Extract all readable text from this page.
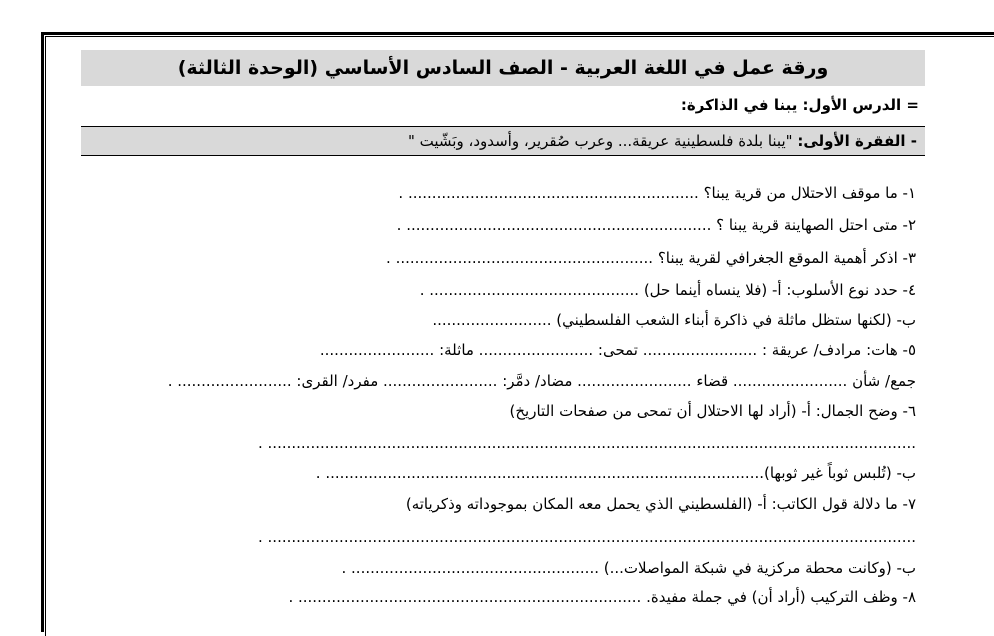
ورقة عمل في اللغة العربية - الصف السادس الأساسي (الوحدة الثالثة)
= الدرس الأول: يبنا في الذاكرة:
- الفقرة الأولى: "يبنا بلدة فلسطينية عريقة... وعرب صُقرير، وأسدود، وبَشّيت "
١- ما موقف الاحتلال من قرية يبنا؟ ............................................................. .
٢- متى احتل الصهاينة قرية يبنا ؟ ................................................................ .
٣- اذكر أهمية الموقع الجغرافي لقرية يبنا؟ ...................................................... .
٤- حدد نوع الأسلوب: أ- (فلا ينساه أينما حل) ............................................ .
ب- (لكنها ستظل ماثلة في ذاكرة أبناء الشعب الفلسطيني) .........................
٥- هات: مرادف/ عريقة : ........................ تمحى: ........................ ماثلة: ........................
جمع/ شأن ........................ قضاء ........................ مضاد/ دمَّر: ........................ مفرد/ القرى: ........................ .
٦- وضح الجمال: أ- (أراد لها الاحتلال أن تمحى من صفحات التاريخ)
........................................................................................................................................ .
ب- (تُلبس ثوباً غير ثوبها)............................................................................................ .
٧- ما دلالة قول الكاتب: أ- (الفلسطيني الذي يحمل معه المكان بموجوداته وذكرياته)
........................................................................................................................................ .
ب- (وكانت محطة مركزية في شبكة المواصلات...) .................................................... .
٨- وظف التركيب (أراد أن) في جملة مفيدة. ........................................................................ .
